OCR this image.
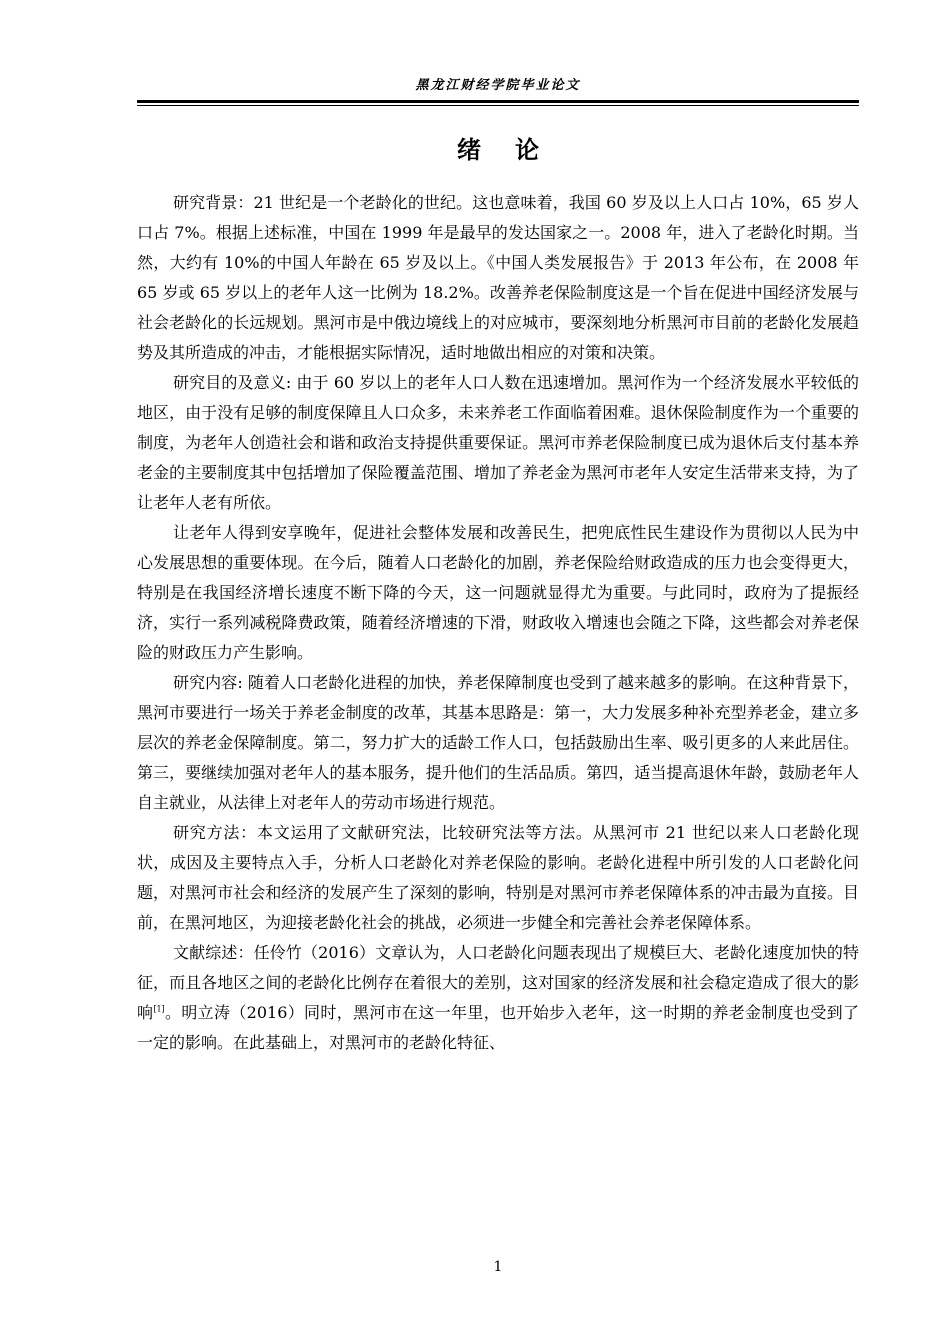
黑龙江财经学院毕业论文
绪论

研究背景：21 世纪是一个老龄化的世纪。这也意味着，我国 60 岁及以上人口占 10%，65 岁人口占 7%。根据上述标准，中国在 1999 年是最早的发达国家之一。2008 年，进入了老龄化时期。当然，大约有 10%的中国人年龄在 65 岁及以上。《中国人类发展报告》于 2013 年公布，在 2008 年 65 岁或 65 岁以上的老年人这一比例为 18.2%。改善养老保险制度这是一个旨在促进中国经济发展与社会老龄化的长远规划。黑河市是中俄边境线上的对应城市，要深刻地分析黑河市目前的老龄化发展趋势及其所造成的冲击，才能根据实际情况，适时地做出相应的对策和决策。

研究目的及意义: 由于 60 岁以上的老年人口人数在迅速增加。黑河作为一个经济发展水平较低的地区，由于没有足够的制度保障且人口众多，未来养老工作面临着困难。退休保险制度作为一个重要的制度，为老年人创造社会和谐和政治支持提供重要保证。黑河市养老保险制度已成为退休后支付基本养老金的主要制度其中包括增加了保险覆盖范围、增加了养老金为黑河市老年人安定生活带来支持，为了让老年人老有所依。

让老年人得到安享晚年，促进社会整体发展和改善民生，把兜底性民生建设作为贯彻以人民为中心发展思想的重要体现。在今后，随着人口老龄化的加剧，养老保险给财政造成的压力也会变得更大，特别是在我国经济增长速度不断下降的今天，这一问题就显得尤为重要。与此同时，政府为了提振经济，实行一系列减税降费政策，随着经济增速的下滑，财政收入增速也会随之下降，这些都会对养老保险的财政压力产生影响。

研究内容: 随着人口老龄化进程的加快，养老保障制度也受到了越来越多的影响。在这种背景下，黑河市要进行一场关于养老金制度的改革，其基本思路是：第一，大力发展多种补充型养老金，建立多层次的养老金保障制度。第二，努力扩大的适龄工作人口，包括鼓励出生率、吸引更多的人来此居住。第三，要继续加强对老年人的基本服务，提升他们的生活品质。第四，适当提高退休年龄，鼓励老年人自主就业，从法律上对老年人的劳动市场进行规范。

研究方法：本文运用了文献研究法，比较研究法等方法。从黑河市 21 世纪以来人口老龄化现状，成因及主要特点入手，分析人口老龄化对养老保险的影响。老龄化进程中所引发的人口老龄化问题，对黑河市社会和经济的发展产生了深刻的影响，特别是对黑河市养老保障体系的冲击最为直接。目前，在黑河地区，为迎接老龄化社会的挑战，必须进一步健全和完善社会养老保障体系。

文献综述：任伶竹（2016）文章认为，人口老龄化问题表现出了规模巨大、老龄化速度加快的特征，而且各地区之间的老龄化比例存在着很大的差别，这对国家的经济发展和社会稳定造成了很大的影响[1]。明立涛（2016）同时，黑河市在这一年里，也开始步入老年，这一时期的养老金制度也受到了一定的影响。在此基础上，对黑河市的老龄化特征、

1
